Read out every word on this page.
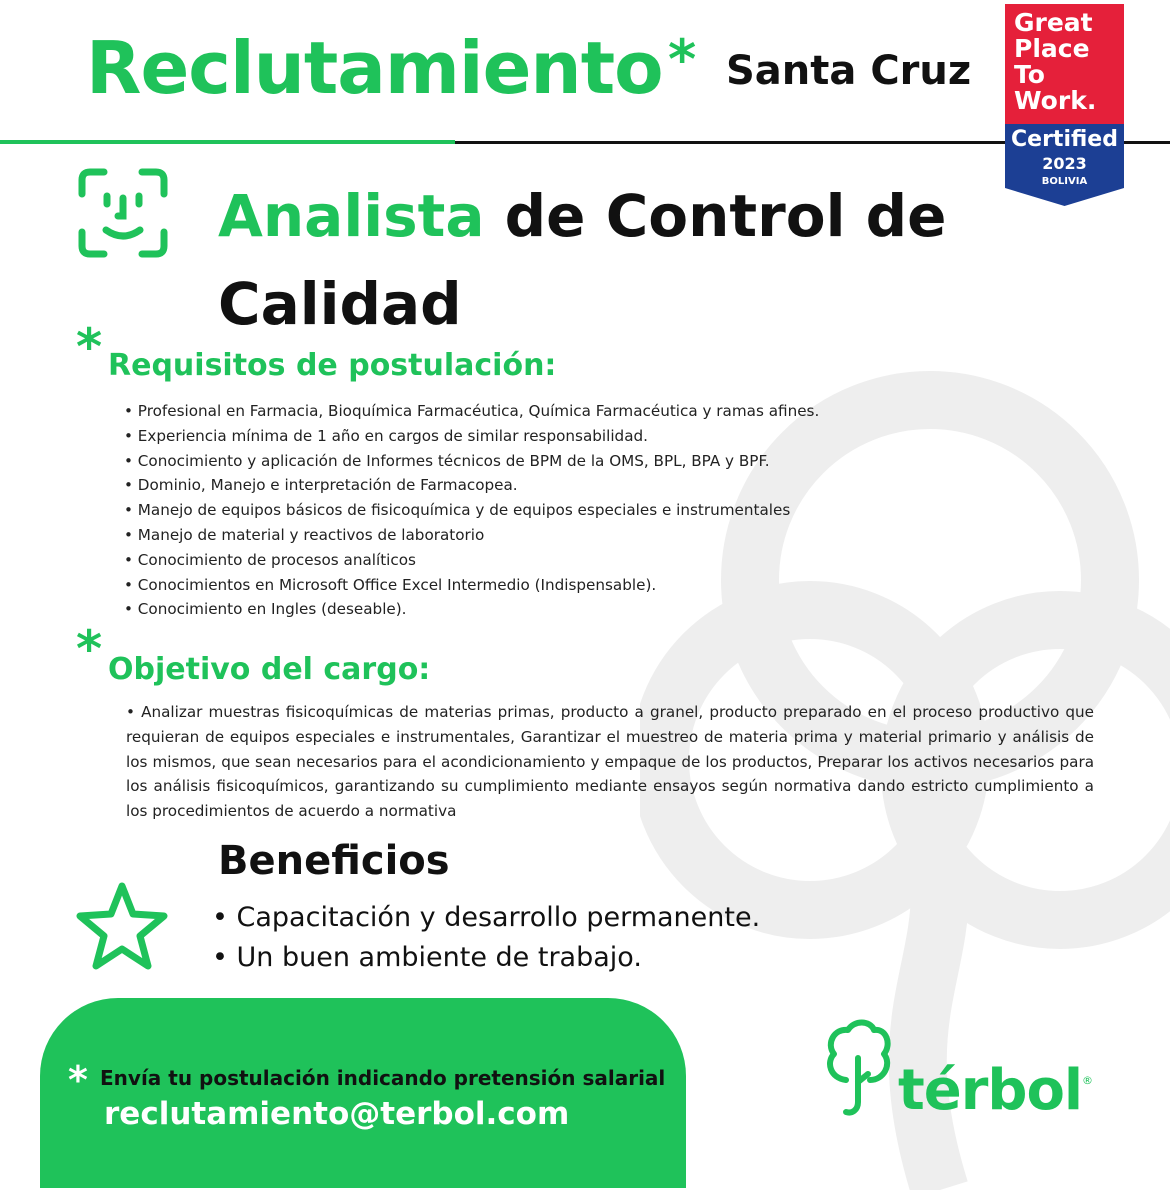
Reclutamiento * Santa Cruz
Great
Place
To
Work.
Certified
2023
BOLIVIA
Analista de Control de Calidad
* Requisitos de postulación:
• Profesional en Farmacia, Bioquímica Farmacéutica, Química Farmacéutica y ramas afines.
• Experiencia mínima de 1 año en cargos de similar responsabilidad.
• Conocimiento y aplicación de Informes técnicos de BPM de la OMS, BPL, BPA y BPF.
• Dominio, Manejo e interpretación de Farmacopea.
• Manejo de equipos básicos de fisicoquímica y de equipos especiales e instrumentales
• Manejo de material y reactivos de laboratorio
• Conocimiento de procesos analíticos
• Conocimientos en Microsoft Office Excel Intermedio (Indispensable).
• Conocimiento en Ingles (deseable).
* Objetivo del cargo:
• Analizar muestras fisicoquímicas de materias primas, producto a granel, producto preparado en el proceso productivo que requieran de equipos especiales e instrumentales, Garantizar el muestreo de materia prima y material primario y análisis de los mismos, que sean necesarios para el acondicionamiento y empaque de los productos, Preparar los activos necesarios para los análisis fisicoquímicos, garantizando su cumplimiento mediante ensayos según normativa dando estricto cumplimiento a los procedimientos de acuerdo a normativa
Beneficios
• Capacitación y desarrollo permanente.
• Un buen ambiente de trabajo.
* Envía tu postulación indicando pretensión salarial
reclutamiento@terbol.com	térbol ®
